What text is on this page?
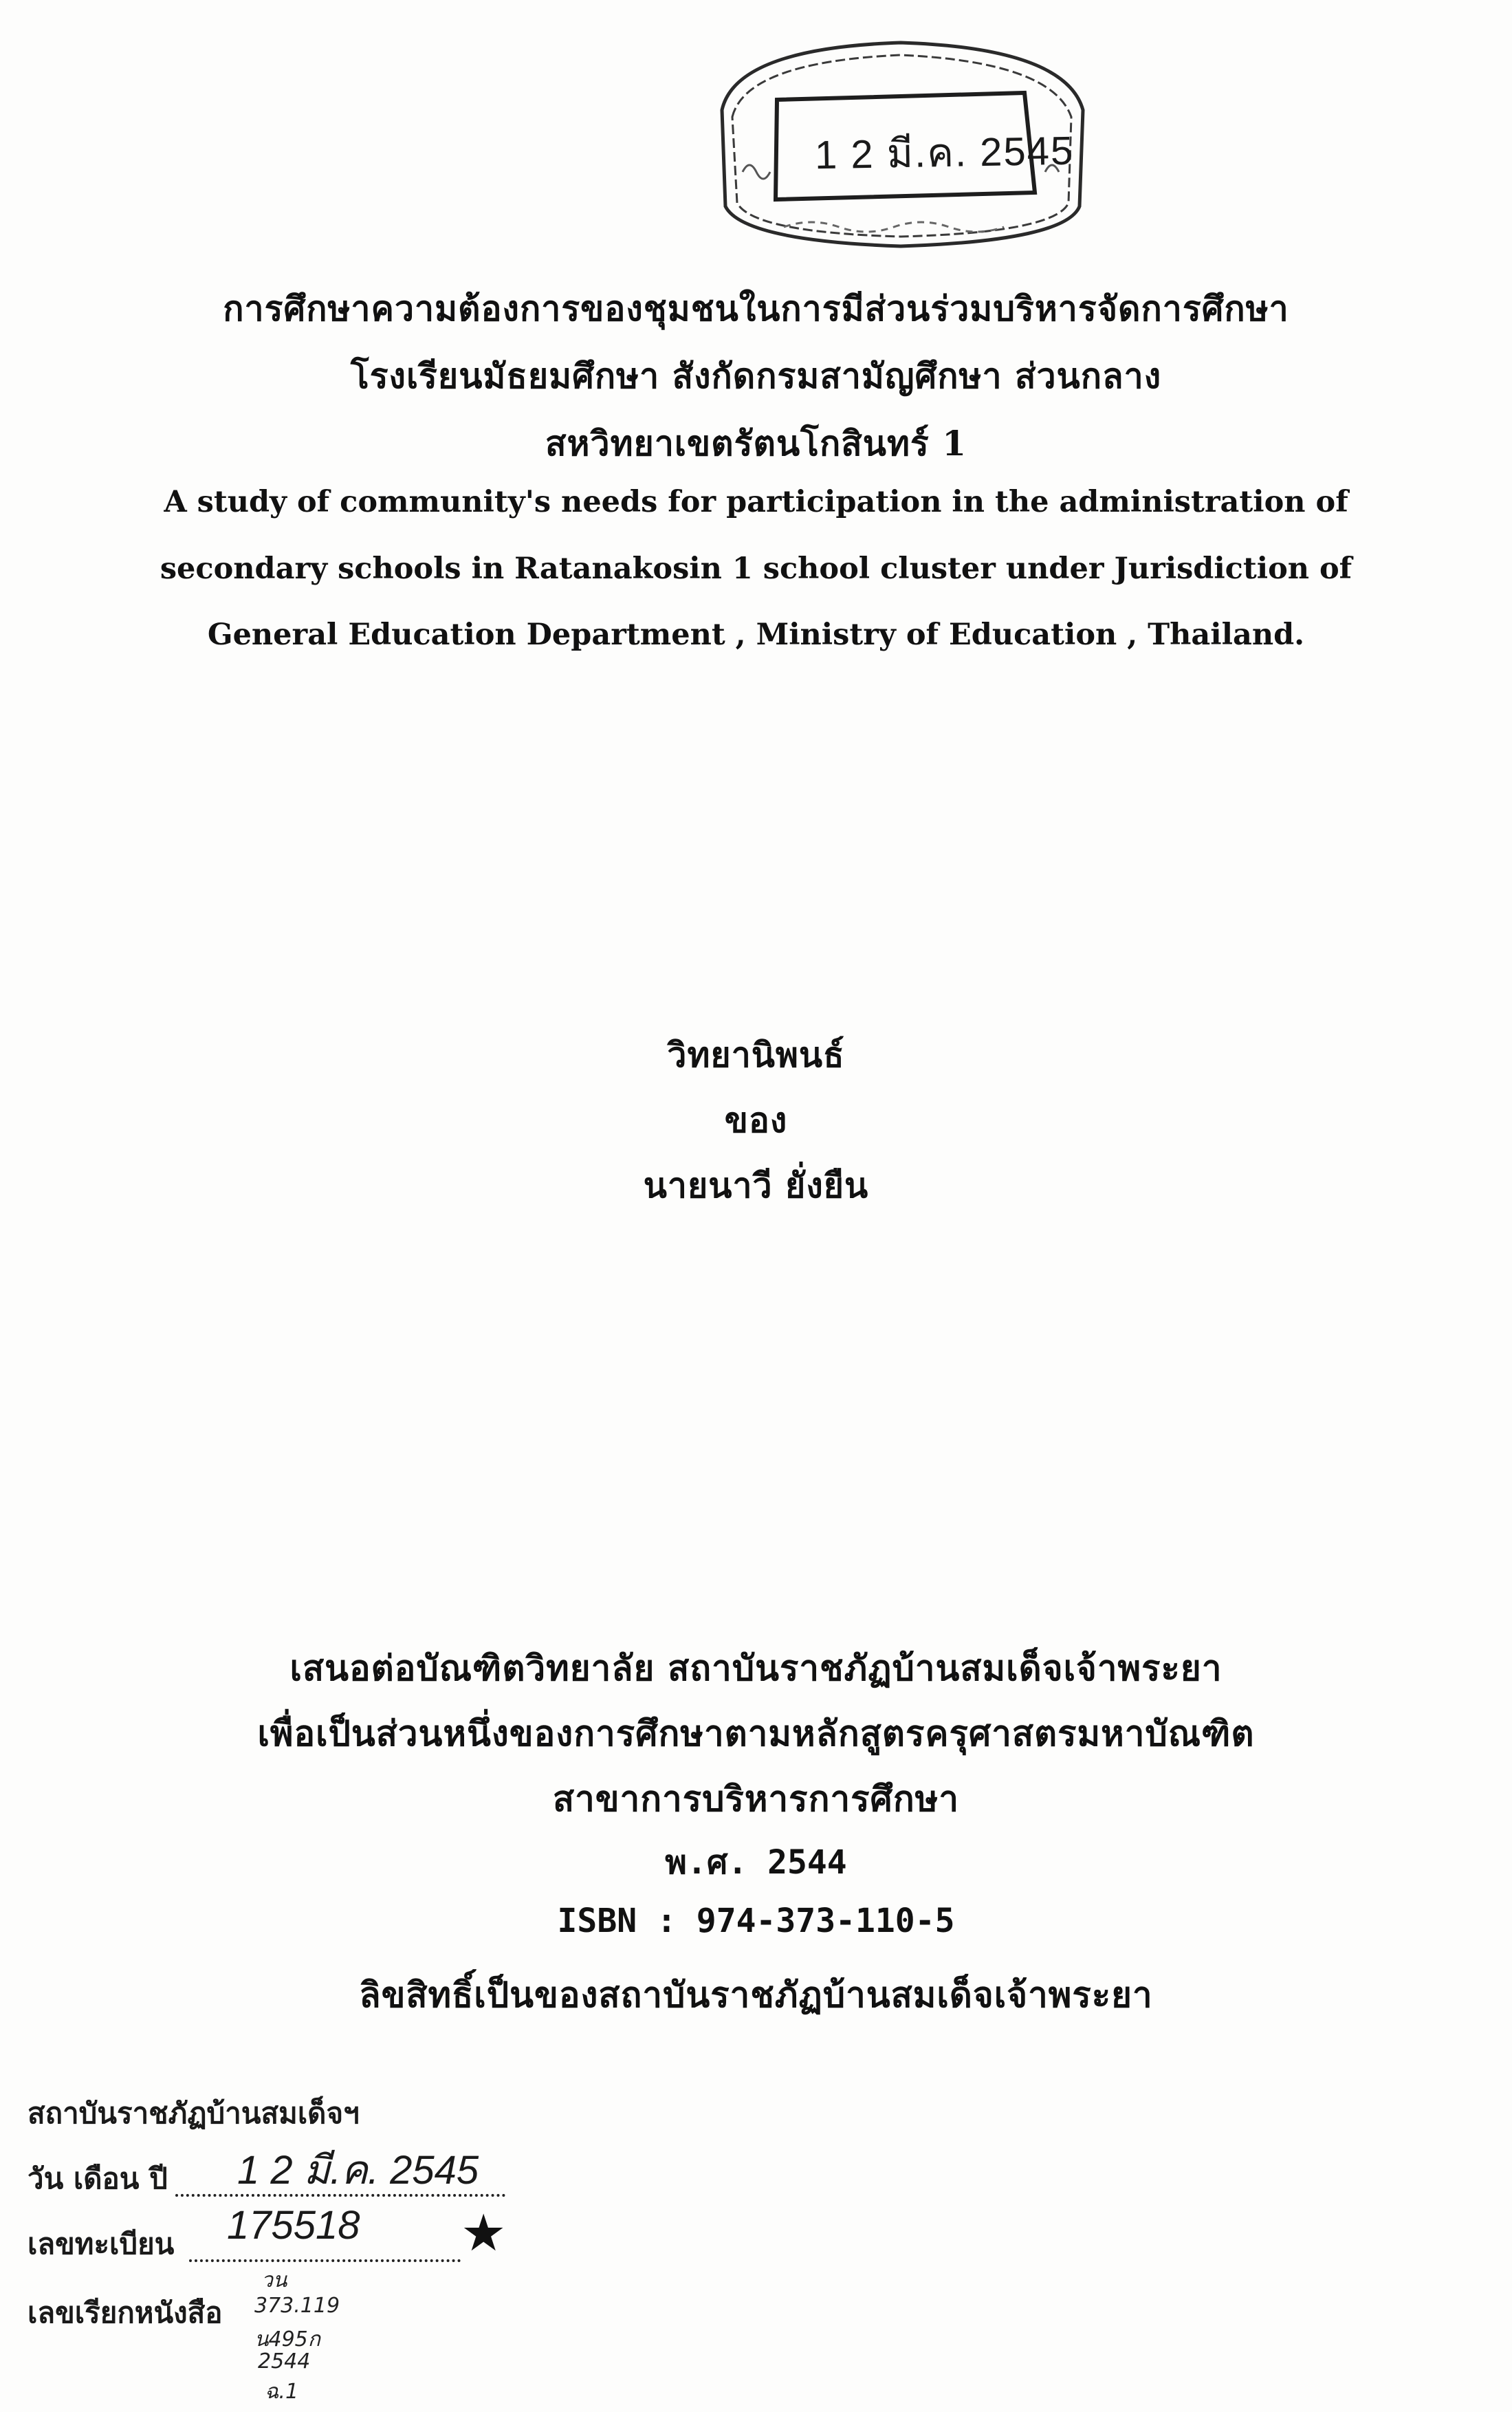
1 2 มี.ค. 2545
การศึกษาความต้องการของชุมชนในการมีส่วนร่วมบริหารจัดการศึกษา
โรงเรียนมัธยมศึกษา สังกัดกรมสามัญศึกษา ส่วนกลาง
สหวิทยาเขตรัตนโกสินทร์ 1
A study of community's needs for participation in the administration of
secondary schools in Ratanakosin 1 school cluster under Jurisdiction of
General Education Department , Ministry of Education , Thailand.
วิทยานิพนธ์
ของ
นายนาวี ยั่งยืน
เสนอต่อบัณฑิตวิทยาลัย สถาบันราชภัฏบ้านสมเด็จเจ้าพระยา
เพื่อเป็นส่วนหนึ่งของการศึกษาตามหลักสูตรครุศาสตรมหาบัณฑิต
สาขาการบริหารการศึกษา
พ.ศ. 2544
ISBN : 974-373-110-5
ลิขสิทธิ์เป็นของสถาบันราชภัฏบ้านสมเด็จเจ้าพระยา
สถาบันราชภัฏบ้านสมเด็จฯ
วัน เดือน ปี 1 2 มี.ค. 2545
เลขทะเบียน 175518 ★
เลขเรียกหนังสือ
วน
373.119
น495ก
2544
ฉ.1
